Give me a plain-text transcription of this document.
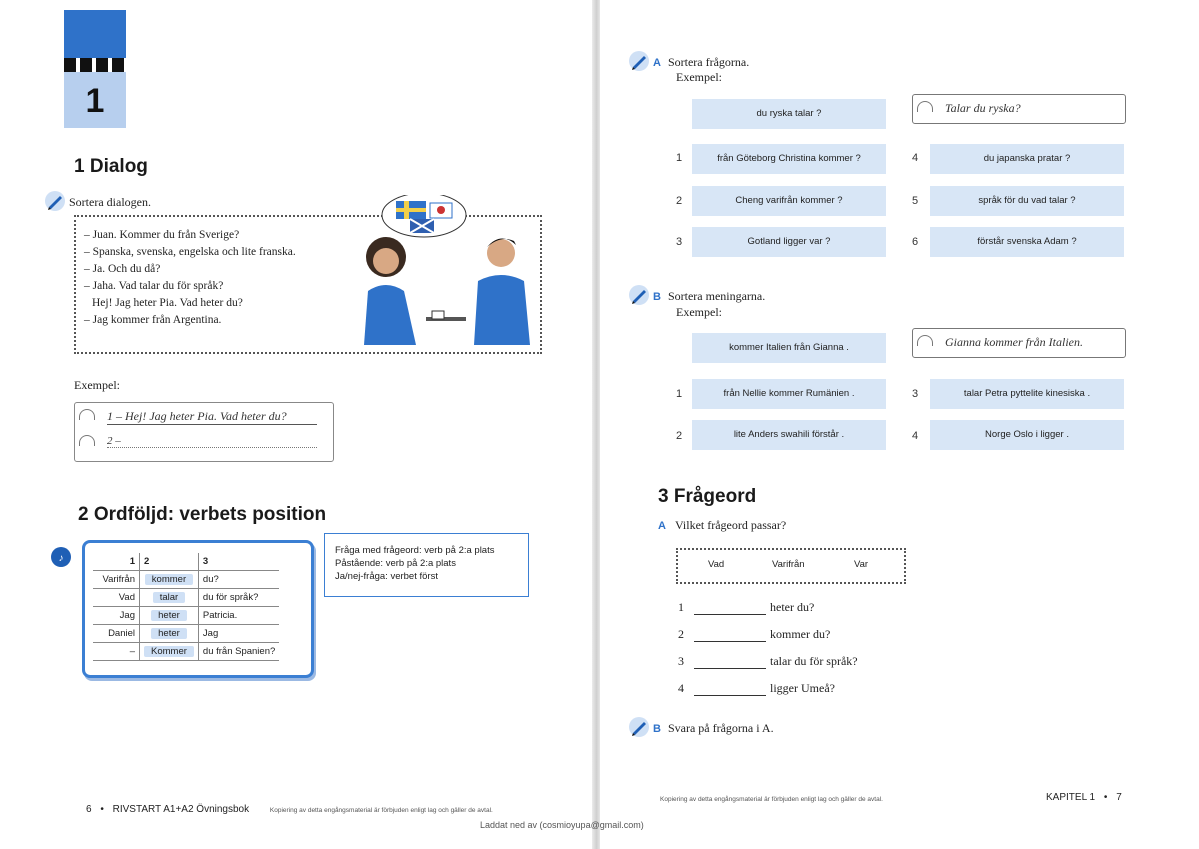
1
1 Dialog
Sortera dialogen.
– Juan. Kommer du från Sverige?
– Spanska, svenska, engelska och lite franska.
– Ja. Och du då?
– Jaha. Vad talar du för språk?
Hej! Jag heter Pia. Vad heter du?
– Jag kommer från Argentina.
Exempel:
1 – Hej! Jag heter Pia. Vad heter du?
2 –
2 Ordföljd: verbets position
♪	1	2	3
Varifrån	kommer	du?
Vad	talar	du för språk?
Jag	heter	Patricia.
Daniel	heter	Jag
–	Kommer	du från Spanien?
Fråga med frågeord: verb på 2:a plats
Påstående: verb på 2:a plats
Ja/nej-fråga: verbet först
6 • RIVSTART A1+A2 Övningsbok	Kopiering av detta engångsmaterial är förbjuden enligt lag och gäller de avtal.
A Sortera frågorna.
Exempel:
du ryska talar ?	Talar du ryska?
1	från Göteborg Christina kommer ?
2	Cheng varifrån kommer ?
3	Gotland ligger var ?
4	du japanska pratar ?
5	språk för du vad talar ?
6	förstår svenska Adam ?
B Sortera meningarna.
Exempel:
kommer Italien från Gianna .	Gianna kommer från Italien.
1	från Nellie kommer Rumänien .
2	lite Anders swahili förstår .
3	talar Petra pyttelite kinesiska .
4	Norge Oslo i ligger .
3 Frågeord
A Vilket frågeord passar?
Vad	Varifrån	Var
1	heter du?
2	kommer du?
3	talar du för språk?
4	ligger Umeå?
B Svara på frågorna i A.
Kopiering av detta engångsmaterial är förbjuden enligt lag och gäller de avtal.	KAPITEL 1 • 7
Laddat ned av (cosmioyupa@gmail.com)
